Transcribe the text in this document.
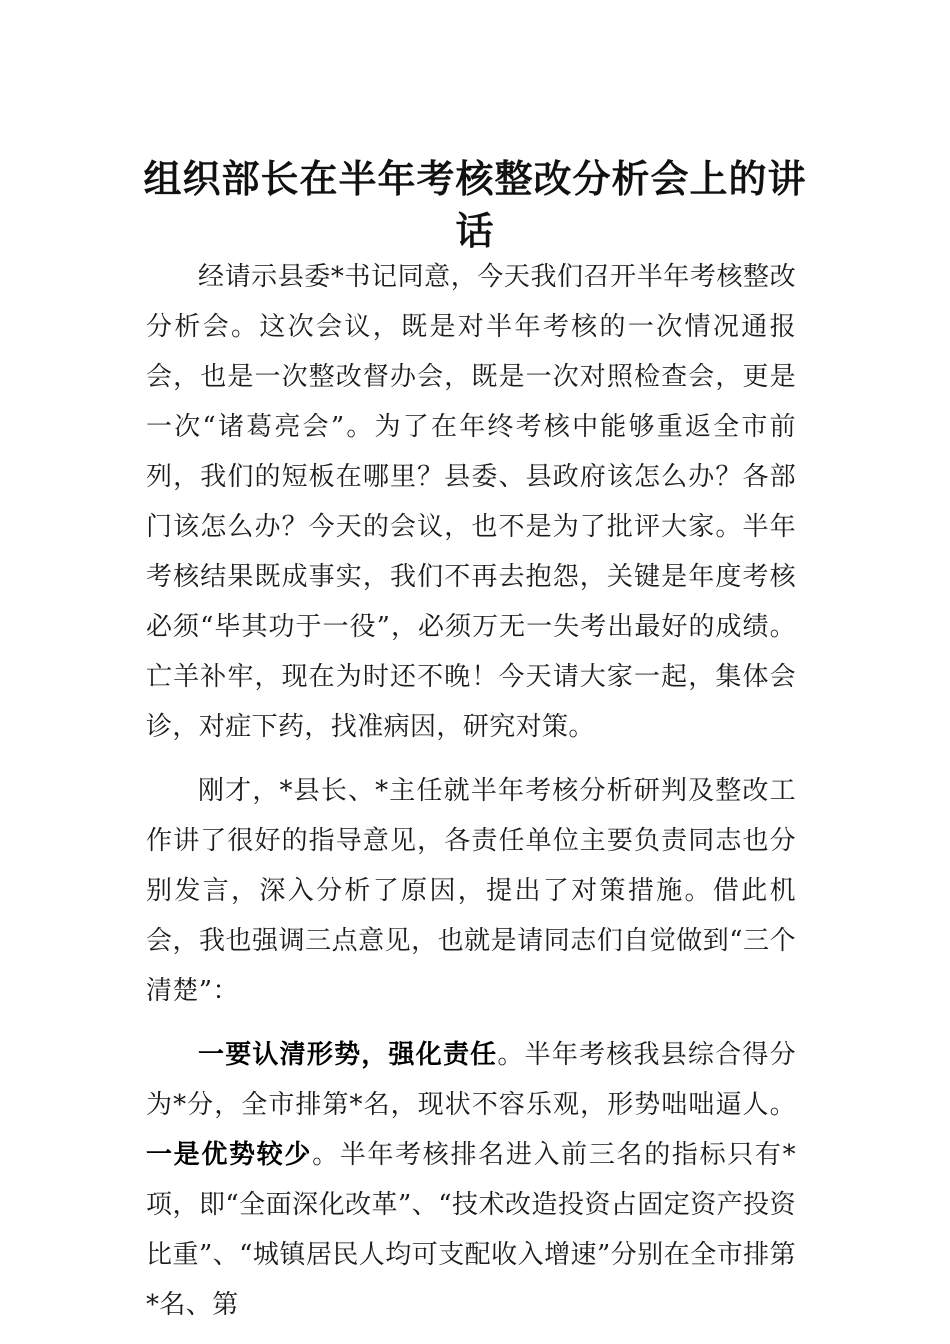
组织部长在半年考核整改分析会上的讲
话

经请示县委*书记同意，今天我们召开半年考核整改分析会。这次会议，既是对半年考核的一次情况通报会，也是一次整改督办会，既是一次对照检查会，更是一次“诸葛亮会”。为了在年终考核中能够重返全市前列，我们的短板在哪里？县委、县政府该怎么办？各部门该怎么办？今天的会议，也不是为了批评大家。半年考核结果既成事实，我们不再去抱怨，关键是年度考核必须“毕其功于一役”，必须万无一失考出最好的成绩。亡羊补牢，现在为时还不晚！今天请大家一起，集体会诊，对症下药，找准病因，研究对策。

刚才，*县长、*主任就半年考核分析研判及整改工作讲了很好的指导意见，各责任单位主要负责同志也分别发言，深入分析了原因，提出了对策措施。借此机会，我也强调三点意见，也就是请同志们自觉做到“三个清楚”：

一要认清形势，强化责任。半年考核我县综合得分为*分，全市排第*名，现状不容乐观，形势咄咄逼人。一是优势较少。半年考核排名进入前三名的指标只有*项，即“全面深化改革”、“技术改造投资占固定资产投资比重”、“城镇居民人均可支配收入增速”分别在全市排第*名、第
